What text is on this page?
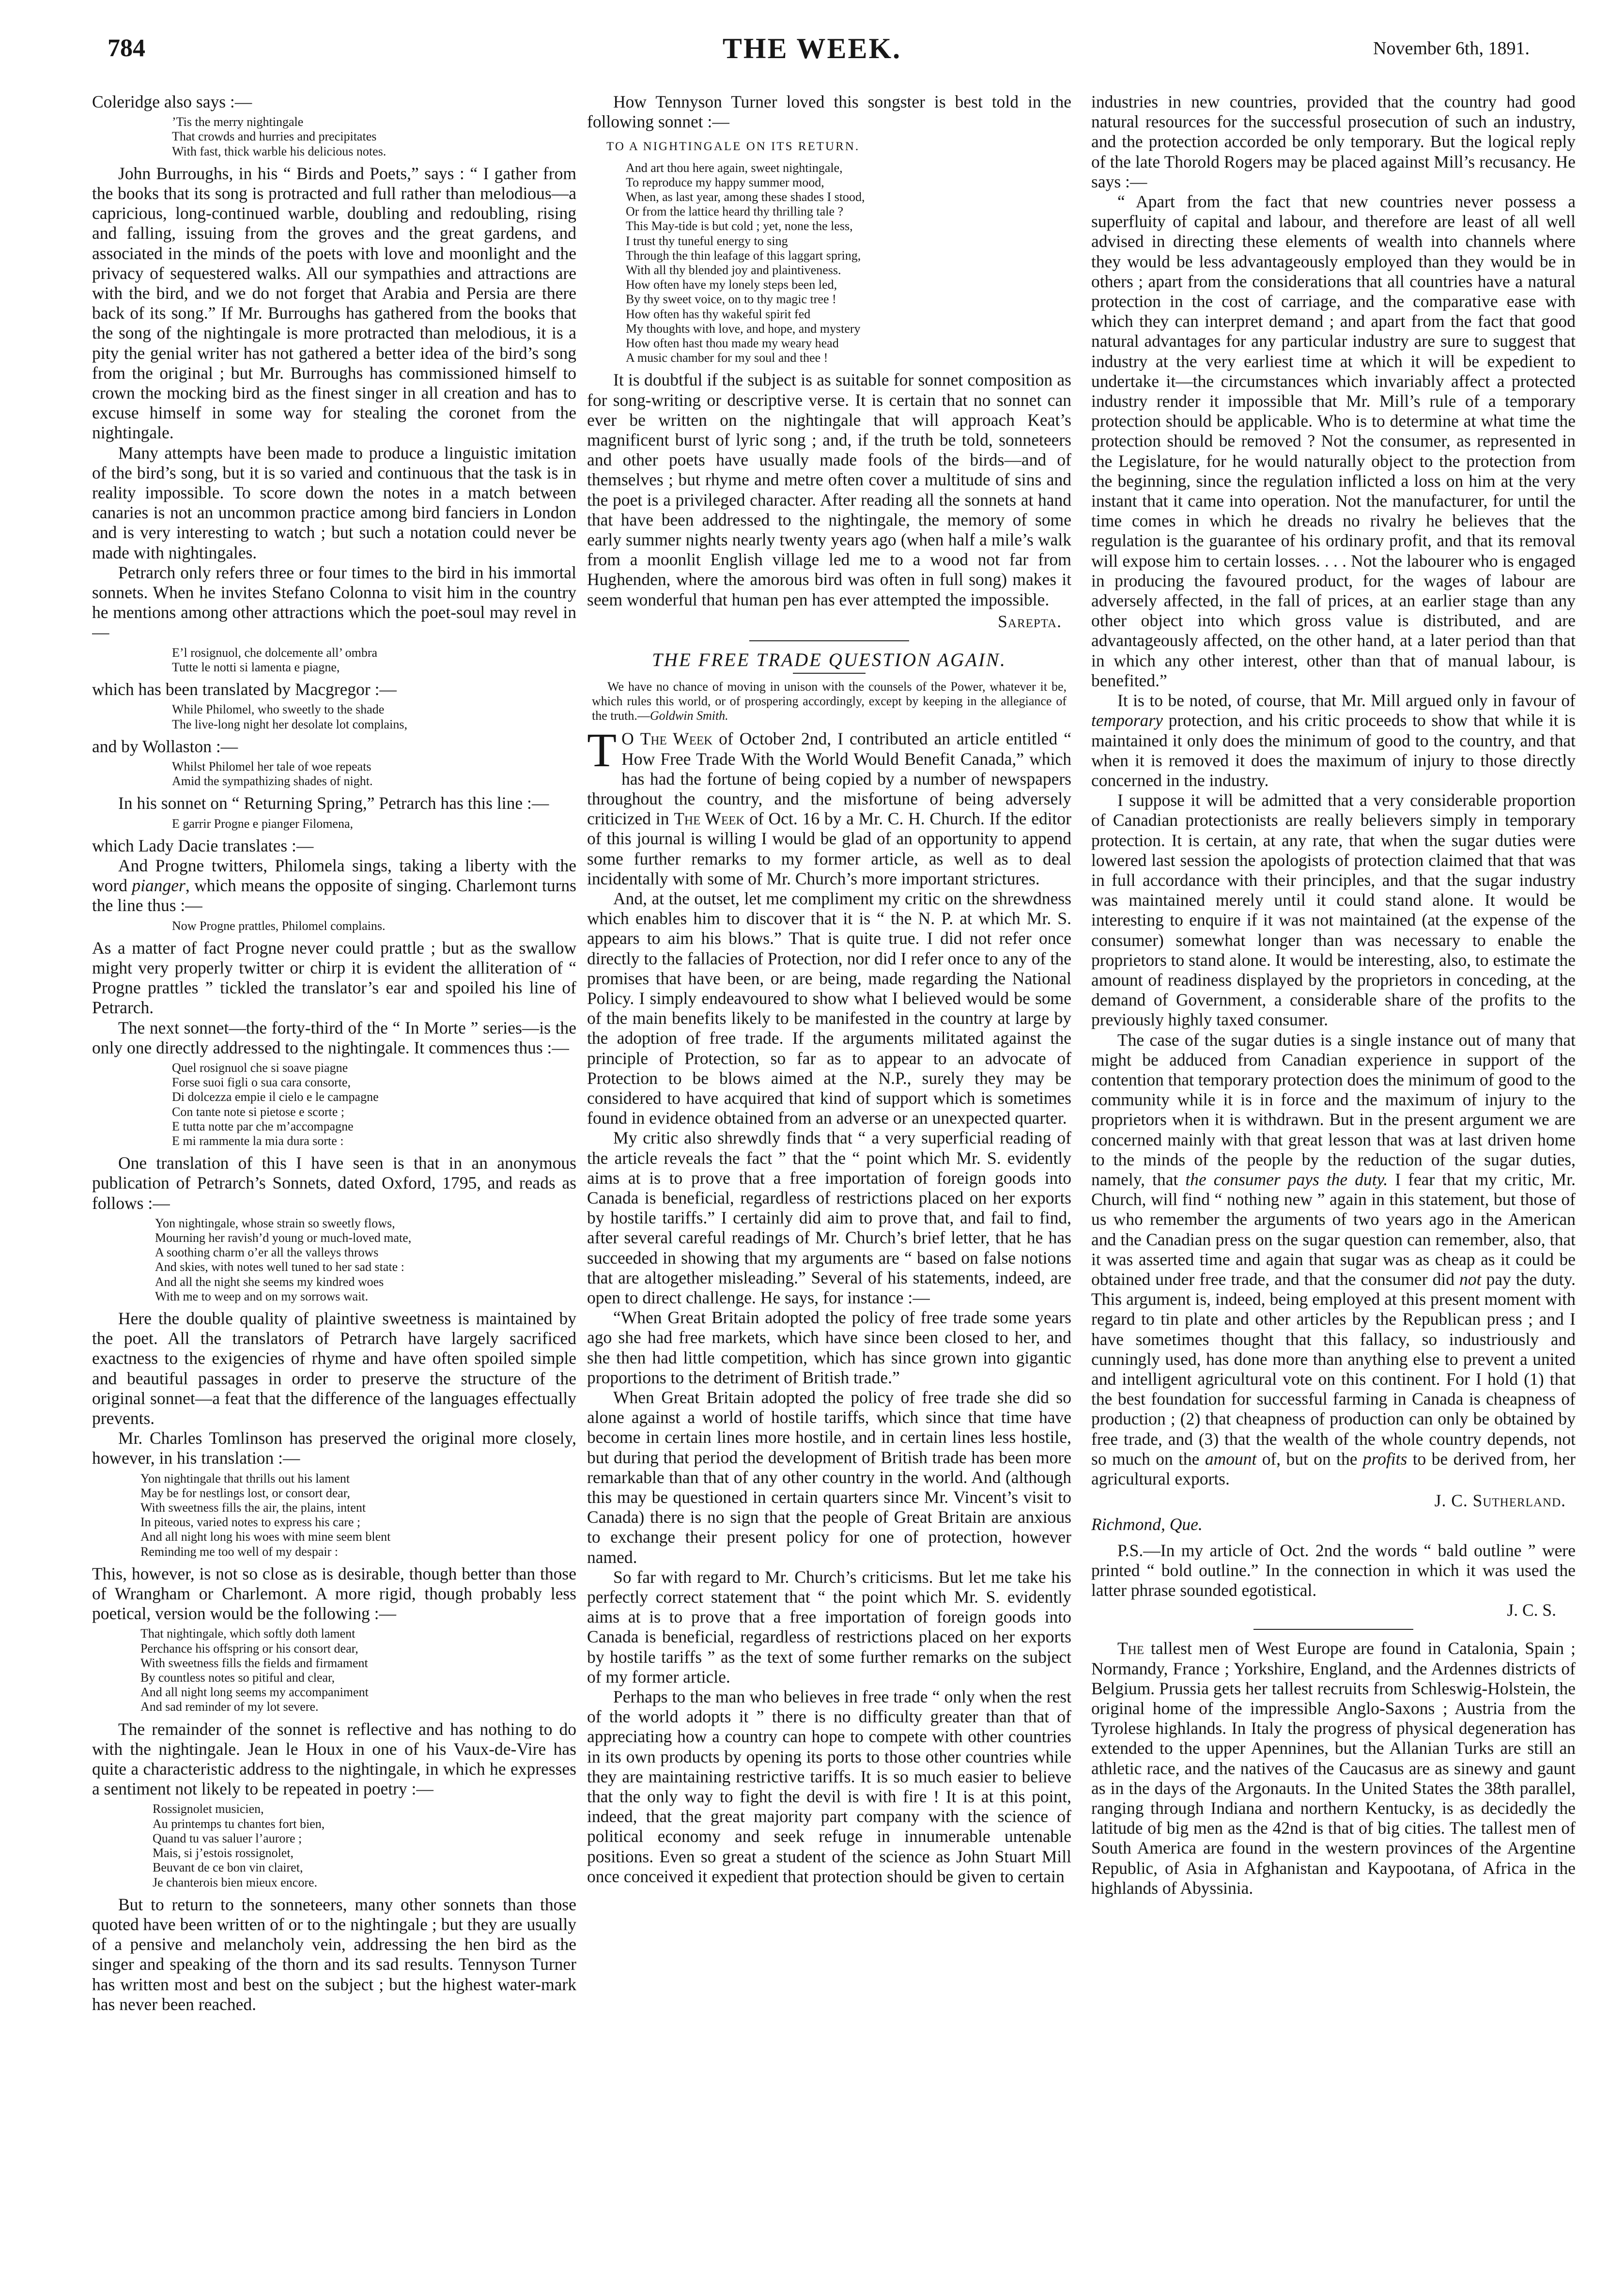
784	THE WEEK.	November 6th, 1891.

Coleridge also says :—

’Tis the merry nightingale
That crowds and hurries and precipitates
With fast, thick warble his delicious notes.

John Burroughs, in his “ Birds and Poets,” says : “ I gather from the books that its song is protracted and full rather than melodious—a capricious, long-continued warble, doubling and redoubling, rising and falling, issuing from the groves and the great gardens, and associated in the minds of the poets with love and moonlight and the privacy of sequestered walks. All our sympathies and attractions are with the bird, and we do not forget that Arabia and Persia are there back of its song.” If Mr. Burroughs has gathered from the books that the song of the nightingale is more protracted than melodious, it is a pity the genial writer has not gathered a better idea of the bird’s song from the original ; but Mr. Burroughs has commissioned himself to crown the mocking bird as the finest singer in all creation and has to excuse himself in some way for stealing the coronet from the nightingale.

Many attempts have been made to produce a linguistic imitation of the bird’s song, but it is so varied and continuous that the task is in reality impossible. To score down the notes in a match between canaries is not an uncommon practice among bird fanciers in London and is very interesting to watch ; but such a notation could never be made with nightingales.

Petrarch only refers three or four times to the bird in his immortal sonnets. When he invites Stefano Colonna to visit him in the country he mentions among other attractions which the poet-soul may revel in—

E’l rosignuol, che dolcemente all’ ombra
Tutte le notti si lamenta e piagne,

which has been translated by Macgregor :—

While Philomel, who sweetly to the shade
The live-long night her desolate lot complains,

and by Wollaston :—

Whilst Philomel her tale of woe repeats
Amid the sympathizing shades of night.

In his sonnet on “ Returning Spring,” Petrarch has this line :—

E garrir Progne e pianger Filomena,

which Lady Dacie translates :—

And Progne twitters, Philomela sings, taking a liberty with the word pianger, which means the opposite of singing. Charlemont turns the line thus :—

Now Progne prattles, Philomel complains.

As a matter of fact Progne never could prattle ; but as the swallow might very properly twitter or chirp it is evident the alliteration of “ Progne prattles ” tickled the translator’s ear and spoiled his line of Petrarch.

The next sonnet—the forty-third of the “ In Morte ” series—is the only one directly addressed to the nightingale. It commences thus :—

Quel rosignuol che si soave piagne
Forse suoi figli o sua cara consorte,
Di dolcezza empie il cielo e le campagne
Con tante note si pietose e scorte ;
E tutta notte par che m’accompagne
E mi rammente la mia dura sorte :

One translation of this I have seen is that in an anonymous publication of Petrarch’s Sonnets, dated Oxford, 1795, and reads as follows :—

Yon nightingale, whose strain so sweetly flows,
Mourning her ravish’d young or much-loved mate,
A soothing charm o’er all the valleys throws
And skies, with notes well tuned to her sad state :
And all the night she seems my kindred woes
With me to weep and on my sorrows wait.

Here the double quality of plaintive sweetness is maintained by the poet. All the translators of Petrarch have largely sacrificed exactness to the exigencies of rhyme and have often spoiled simple and beautiful passages in order to preserve the structure of the original sonnet—a feat that the difference of the languages effectually prevents.

Mr. Charles Tomlinson has preserved the original more closely, however, in his translation :—

Yon nightingale that thrills out his lament
May be for nestlings lost, or consort dear,
With sweetness fills the air, the plains, intent
In piteous, varied notes to express his care ;
And all night long his woes with mine seem blent
Reminding me too well of my despair :

This, however, is not so close as is desirable, though better than those of Wrangham or Charlemont. A more rigid, though probably less poetical, version would be the following :—

That nightingale, which softly doth lament
Perchance his offspring or his consort dear,
With sweetness fills the fields and firmament
By countless notes so pitiful and clear,
And all night long seems my accompaniment
And sad reminder of my lot severe.

The remainder of the sonnet is reflective and has nothing to do with the nightingale. Jean le Houx in one of his Vaux-de-Vire has quite a characteristic address to the nightingale, in which he expresses a sentiment not likely to be repeated in poetry :—

Rossignolet musicien,
Au printemps tu chantes fort bien,
Quand tu vas saluer l’aurore ;
Mais, si j’estois rossignolet,
Beuvant de ce bon vin clairet,
Je chanterois bien mieux encore.

But to return to the sonneteers, many other sonnets than those quoted have been written of or to the nightingale ; but they are usually of a pensive and melancholy vein, addressing the hen bird as the singer and speaking of the thorn and its sad results. Tennyson Turner has written most and best on the subject ; but the highest water-mark has never been reached.

How Tennyson Turner loved this songster is best told in the following sonnet :—

TO A NIGHTINGALE ON ITS RETURN.
And art thou here again, sweet nightingale,
To reproduce my happy summer mood,
When, as last year, among these shades I stood,
Or from the lattice heard thy thrilling tale ?
This May-tide is but cold ; yet, none the less,
I trust thy tuneful energy to sing
Through the thin leafage of this laggart spring,
With all thy blended joy and plaintiveness.
How often have my lonely steps been led,
By thy sweet voice, on to thy magic tree !
How often has thy wakeful spirit fed
My thoughts with love, and hope, and mystery
How often hast thou made my weary head
A music chamber for my soul and thee !

It is doubtful if the subject is as suitable for sonnet composition as for song-writing or descriptive verse. It is certain that no sonnet can ever be written on the nightingale that will approach Keat’s magnificent burst of lyric song ; and, if the truth be told, sonneteers and other poets have usually made fools of the birds—and of themselves ; but rhyme and metre often cover a multitude of sins and the poet is a privileged character. After reading all the sonnets at hand that have been addressed to the nightingale, the memory of some early summer nights nearly twenty years ago (when half a mile’s walk from a moonlit English village led me to a wood not far from Hughenden, where the amorous bird was often in full song) makes it seem wonderful that human pen has ever attempted the impossible.

Sarepta.
THE FREE TRADE QUESTION AGAIN.

We have no chance of moving in unison with the counsels of the Power, whatever it be, which rules this world, or of prospering accordingly, except by keeping in the allegiance of the truth.—Goldwin Smith.

T O The Week of October 2nd, I contributed an article entitled “ How Free Trade With the World Would Benefit Canada,” which has had the fortune of being copied by a number of newspapers throughout the country, and the misfortune of being adversely criticized in The Week of Oct. 16 by a Mr. C. H. Church. If the editor of this journal is willing I would be glad of an opportunity to append some further remarks to my former article, as well as to deal incidentally with some of Mr. Church’s more important strictures.

And, at the outset, let me compliment my critic on the shrewdness which enables him to discover that it is “ the N. P. at which Mr. S. appears to aim his blows.” That is quite true. I did not refer once directly to the fallacies of Protection, nor did I refer once to any of the promises that have been, or are being, made regarding the National Policy. I simply endeavoured to show what I believed would be some of the main benefits likely to be manifested in the country at large by the adoption of free trade. If the arguments militated against the principle of Protection, so far as to appear to an advocate of Protection to be blows aimed at the N.P., surely they may be considered to have acquired that kind of support which is sometimes found in evidence obtained from an adverse or an unexpected quarter.

My critic also shrewdly finds that “ a very superficial reading of the article reveals the fact ” that the “ point which Mr. S. evidently aims at is to prove that a free importation of foreign goods into Canada is beneficial, regardless of restrictions placed on her exports by hostile tariffs.” I certainly did aim to prove that, and fail to find, after several careful readings of Mr. Church’s brief letter, that he has succeeded in showing that my arguments are “ based on false notions that are altogether misleading.” Several of his statements, indeed, are open to direct challenge. He says, for instance :—

“When Great Britain adopted the policy of free trade some years ago she had free markets, which have since been closed to her, and she then had little competition, which has since grown into gigantic proportions to the detriment of British trade.”

When Great Britain adopted the policy of free trade she did so alone against a world of hostile tariffs, which since that time have become in certain lines more hostile, and in certain lines less hostile, but during that period the development of British trade has been more remarkable than that of any other country in the world. And (although this may be questioned in certain quarters since Mr. Vincent’s visit to Canada) there is no sign that the people of Great Britain are anxious to exchange their present policy for one of protection, however named.

So far with regard to Mr. Church’s criticisms. But let me take his perfectly correct statement that “ the point which Mr. S. evidently aims at is to prove that a free importation of foreign goods into Canada is beneficial, regardless of restrictions placed on her exports by hostile tariffs ” as the text of some further remarks on the subject of my former article.

Perhaps to the man who believes in free trade “ only when the rest of the world adopts it ” there is no difficulty greater than that of appreciating how a country can hope to compete with other countries in its own products by opening its ports to those other countries while they are maintaining restrictive tariffs. It is so much easier to believe that the only way to fight the devil is with fire ! It is at this point, indeed, that the great majority part company with the science of political economy and seek refuge in innumerable untenable positions. Even so great a student of the science as John Stuart Mill once conceived it expedient that protection should be given to certain

industries in new countries, provided that the country had good natural resources for the successful prosecution of such an industry, and the protection accorded be only temporary. But the logical reply of the late Thorold Rogers may be placed against Mill’s recusancy. He says :—

“ Apart from the fact that new countries never possess a superfluity of capital and labour, and therefore are least of all well advised in directing these elements of wealth into channels where they would be less advantageously employed than they would be in others ; apart from the considerations that all countries have a natural protection in the cost of carriage, and the comparative ease with which they can interpret demand ; and apart from the fact that good natural advantages for any particular industry are sure to suggest that industry at the very earliest time at which it will be expedient to undertake it—the circumstances which invariably affect a protected industry render it impossible that Mr. Mill’s rule of a temporary protection should be applicable. Who is to determine at what time the protection should be removed ? Not the consumer, as represented in the Legislature, for he would naturally object to the protection from the beginning, since the regulation inflicted a loss on him at the very instant that it came into operation. Not the manufacturer, for until the time comes in which he dreads no rivalry he believes that the regulation is the guarantee of his ordinary profit, and that its removal will expose him to certain losses. . . . Not the labourer who is engaged in producing the favoured product, for the wages of labour are adversely affected, in the fall of prices, at an earlier stage than any other object into which gross value is distributed, and are advantageously affected, on the other hand, at a later period than that in which any other interest, other than that of manual labour, is benefited.”

It is to be noted, of course, that Mr. Mill argued only in favour of temporary protection, and his critic proceeds to show that while it is maintained it only does the minimum of good to the country, and that when it is removed it does the maximum of injury to those directly concerned in the industry.

I suppose it will be admitted that a very considerable proportion of Canadian protectionists are really believers simply in temporary protection. It is certain, at any rate, that when the sugar duties were lowered last session the apologists of protection claimed that that was in full accordance with their principles, and that the sugar industry was maintained merely until it could stand alone. It would be interesting to enquire if it was not maintained (at the expense of the consumer) somewhat longer than was necessary to enable the proprietors to stand alone. It would be interesting, also, to estimate the amount of readiness displayed by the proprietors in conceding, at the demand of Government, a considerable share of the profits to the previously highly taxed consumer.

The case of the sugar duties is a single instance out of many that might be adduced from Canadian experience in support of the contention that temporary protection does the minimum of good to the community while it is in force and the maximum of injury to the proprietors when it is withdrawn. But in the present argument we are concerned mainly with that great lesson that was at last driven home to the minds of the people by the reduction of the sugar duties, namely, that the consumer pays the duty. I fear that my critic, Mr. Church, will find “ nothing new ” again in this statement, but those of us who remember the arguments of two years ago in the American and the Canadian press on the sugar question can remember, also, that it was asserted time and again that sugar was as cheap as it could be obtained under free trade, and that the consumer did not pay the duty. This argument is, indeed, being employed at this present moment with regard to tin plate and other articles by the Republican press ; and I have sometimes thought that this fallacy, so industriously and cunningly used, has done more than anything else to prevent a united and intelligent agricultural vote on this continent. For I hold (1) that the best foundation for successful farming in Canada is cheapness of production ; (2) that cheapness of production can only be obtained by free trade, and (3) that the wealth of the whole country depends, not so much on the amount of, but on the profits to be derived from, her agricultural exports.

J. C. Sutherland.
Richmond, Que.

P.S.—In my article of Oct. 2nd the words “ bald outline ” were printed “ bold outline.” In the connection in which it was used the latter phrase sounded egotistical.

J. C. S.

The tallest men of West Europe are found in Catalonia, Spain ; Normandy, France ; Yorkshire, England, and the Ardennes districts of Belgium. Prussia gets her tallest recruits from Schleswig-Holstein, the original home of the impressible Anglo-Saxons ; Austria from the Tyrolese highlands. In Italy the progress of physical degeneration has extended to the upper Apennines, but the Allanian Turks are still an athletic race, and the natives of the Caucasus are as sinewy and gaunt as in the days of the Argonauts. In the United States the 38th parallel, ranging through Indiana and northern Kentucky, is as decidedly the latitude of big men as the 42nd is that of big cities. The tallest men of South America are found in the western provinces of the Argentine Republic, of Asia in Afghanistan and Kaypootana, of Africa in the highlands of Abyssinia.
